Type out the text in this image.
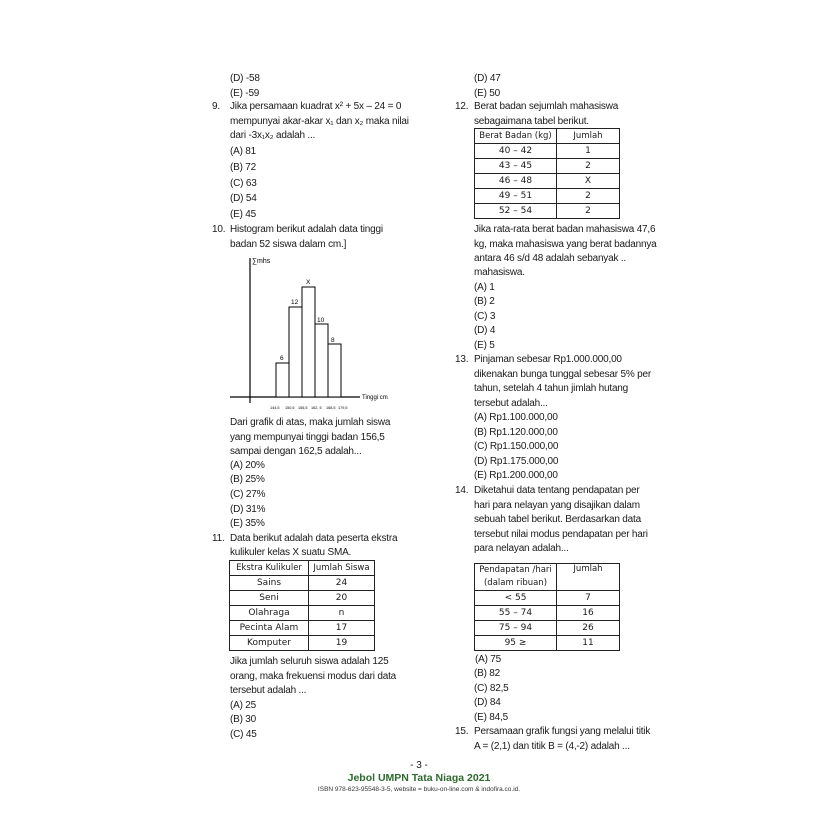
(D) -58
(E) -59
9. Jika persamaan kuadrat x² + 5x – 24 = 0
mempunyai akar-akar x₁ dan x₂ maka nilai
dari -3x₁x₂ adalah ...
(A) 81
(B) 72
(C) 63
(D) 54
(E) 45
10. Histogram berikut adalah data tinggi
badan 52 siswa dalam cm.]
∑mhs
Tinggi cm
6
12
X
10
8
144,5 150,5 156,5 162, 5 168,5 179,5
Dari grafik di atas, maka jumlah siswa
yang mempunyai tinggi badan 156,5
sampai dengan 162,5 adalah...
(A) 20%
(B) 25%
(C) 27%
(D) 31%
(E) 35%
11. Data berikut adalah data peserta ekstra
kulikuler kelas X suatu SMA.
Ekstra Kulikuler	Jumlah Siswa
Sains	24
Seni	20
Olahraga	n
Pecinta Alam	17
Komputer	19
Jika jumlah seluruh siswa adalah 125
orang, maka frekuensi modus dari data
tersebut adalah ...
(A) 25
(B) 30
(C) 45
(D) 47
(E) 50
12. Berat badan sejumlah mahasiswa
sebagaimana tabel berikut.
Berat Badan (kg)	Jumlah
40 – 42	1
43 – 45	2
46 – 48	X
49 – 51	2
52 – 54	2
Jika rata-rata berat badan mahasiswa 47,6
kg, maka mahasiswa yang berat badannya
antara 46 s/d 48 adalah sebanyak ..
mahasiswa.
(A) 1
(B) 2
(C) 3
(D) 4
(E) 5
13. Pinjaman sebesar Rp1.000.000,00
dikenakan bunga tunggal sebesar 5% per
tahun, setelah 4 tahun jimlah hutang
tersebut adalah...
(A) Rp1.100.000,00
(B) Rp1.120.000,00
(C) Rp1.150.000,00
(D) Rp1.175.000,00
(E) Rp1.200.000,00
14. Diketahui data tentang pendapatan per
hari para nelayan yang disajikan dalam
sebuah tabel berikut. Berdasarkan data
tersebut nilai modus pendapatan per hari
para nelayan adalah...
Pendapatan /hari
(dalam ribuan)	Jumlah
< 55	7
55 – 74	16
75 – 94	26
95 ≥	11
(A) 75
(B) 82
(C) 82,5
(D) 84
(E) 84,5
15. Persamaan grafik fungsi yang melalui titik
A = (2,1) dan titik B = (4,-2) adalah ...
- 3 -
Jebol UMPN Tata Niaga 2021
ISBN 978-623-95548-3-5, website = buku-on-line.com & indofira.co.id.
